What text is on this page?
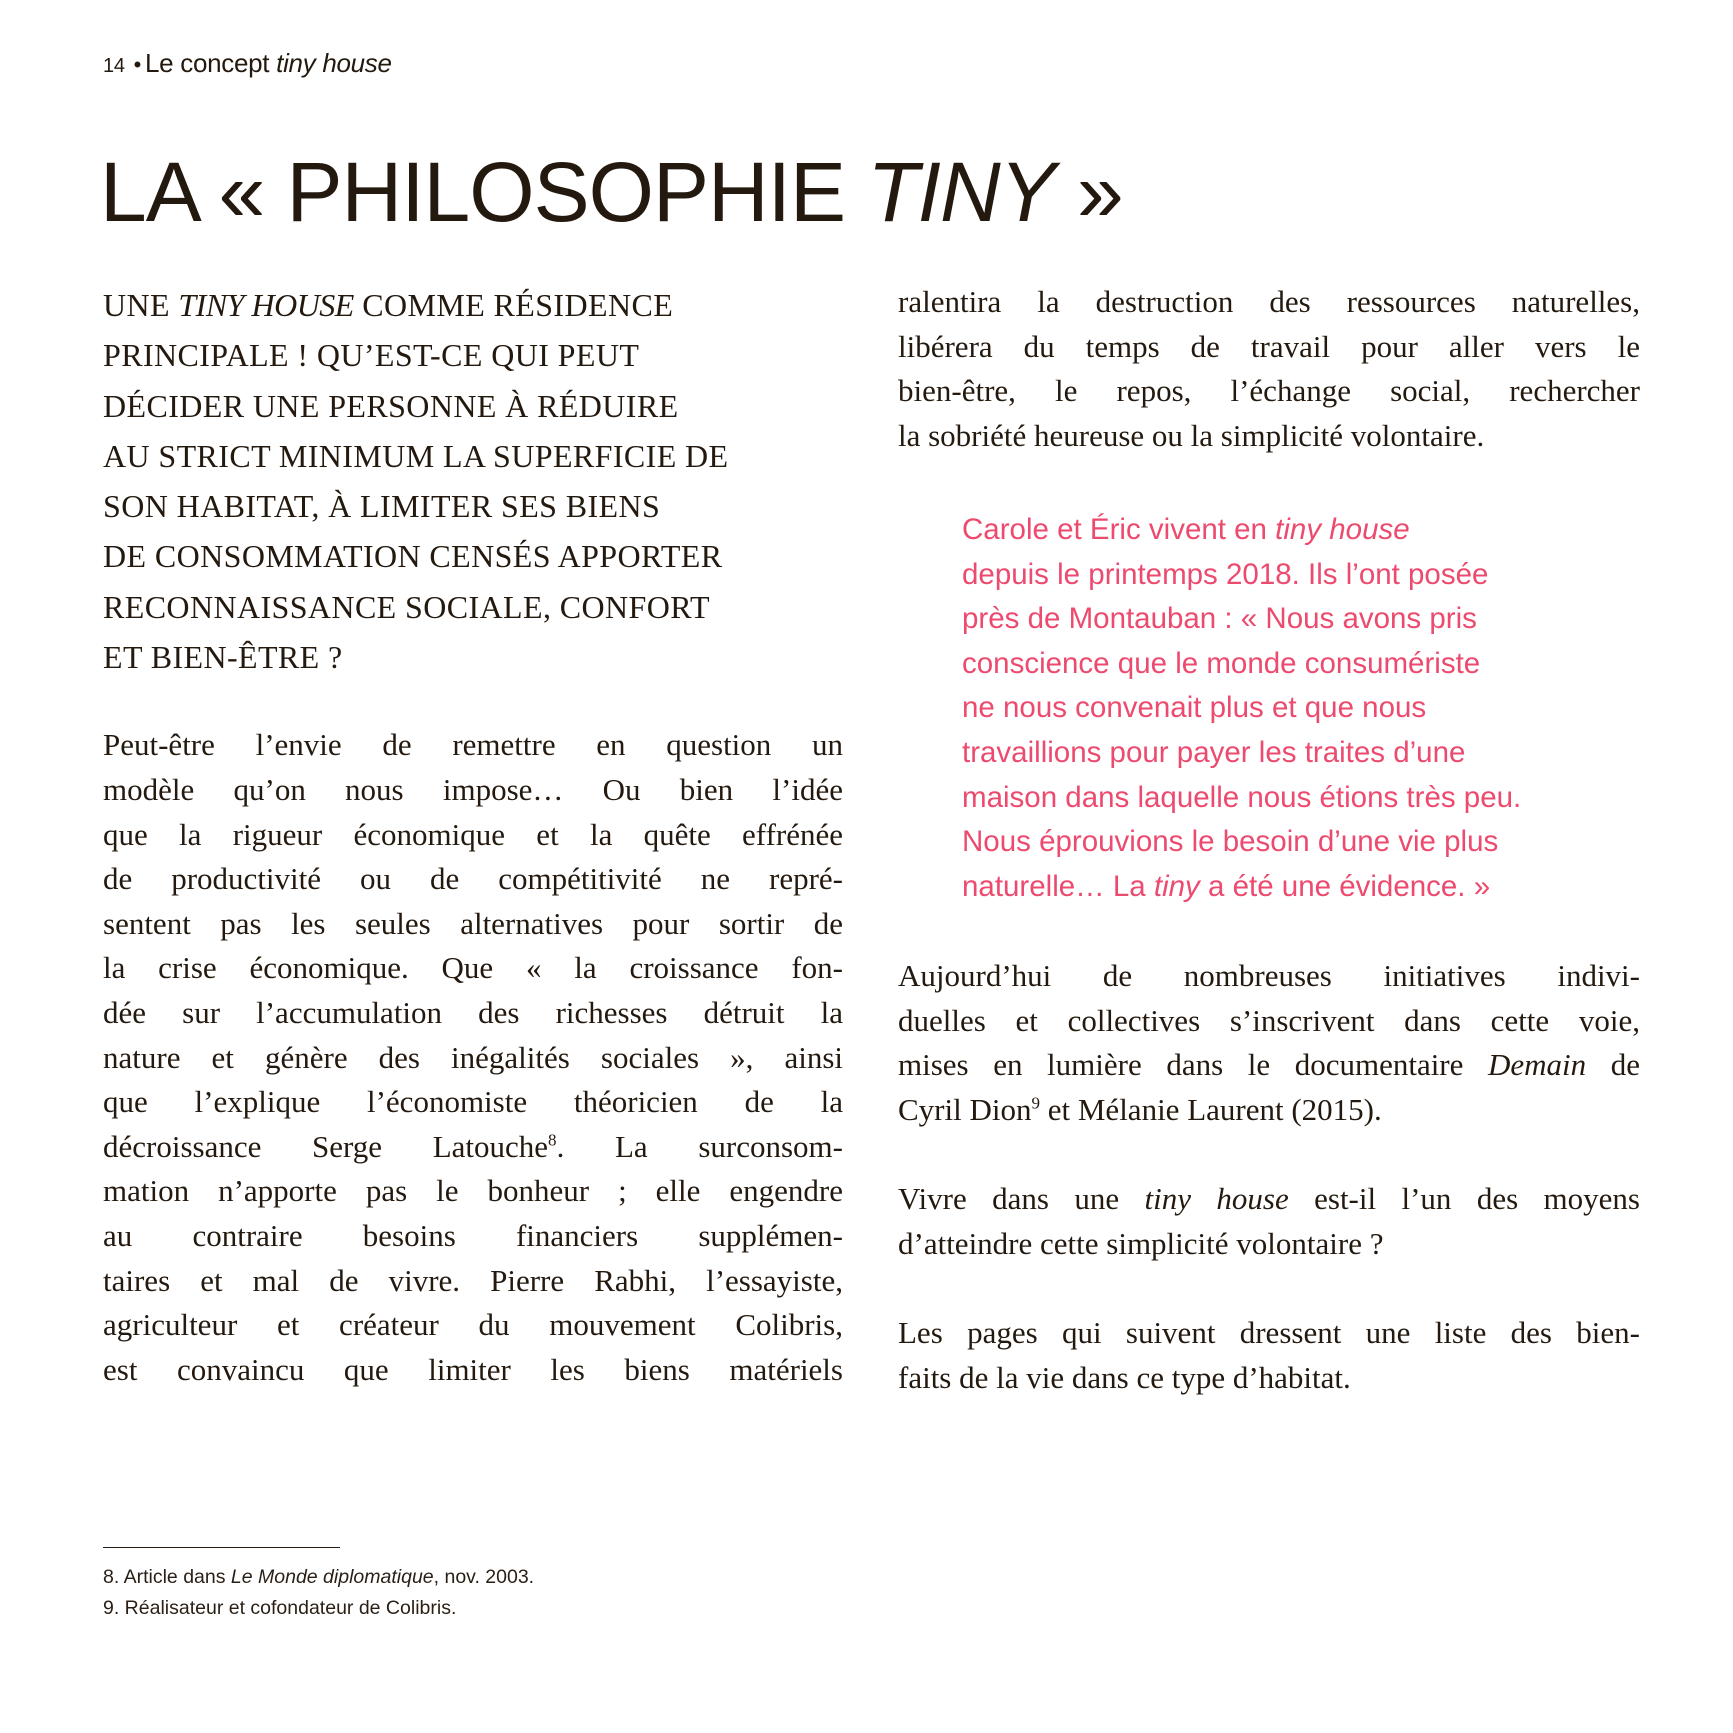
14 • Le concept tiny house
LA « PHILOSOPHIE TINY »

UNE TINY HOUSE COMME RÉSIDENCE
PRINCIPALE ! QU’EST-CE QUI PEUT
DÉCIDER UNE PERSONNE À RÉDUIRE
AU STRICT MINIMUM LA SUPERFICIE DE
SON HABITAT, À LIMITER SES BIENS
DE CONSOMMATION CENSÉS APPORTER
RECONNAISSANCE SOCIALE, CONFORT
ET BIEN-ÊTRE ?

Peut-être l’envie de remettre en question un
modèle qu’on nous impose… Ou bien l’idée
que la rigueur économique et la quête effrénée
de productivité ou de compétitivité ne repré-
sentent pas les seules alternatives pour sortir de
la crise économique. Que « la croissance fon-
dée sur l’accumulation des richesses détruit la
nature et génère des inégalités sociales », ainsi
que l’explique l’économiste théoricien de la
décroissance Serge Latouche$^8$. La surconsom-
mation n’apporte pas le bonheur ; elle engendre
au contraire besoins financiers supplémen-
taires et mal de vivre. Pierre Rabhi, l’essayiste,
agriculteur et créateur du mouvement Colibris,
est convaincu que limiter les biens matériels
ralentira la destruction des ressources naturelles,
libérera du temps de travail pour aller vers le
bien-être, le repos, l’échange social, rechercher
la sobriété heureuse ou la simplicité volontaire.
Carole et Éric vivent en tiny house
depuis le printemps 2018. Ils l’ont posée
près de Montauban : « Nous avons pris
conscience que le monde consumériste
ne nous convenait plus et que nous
travaillions pour payer les traites d’une
maison dans laquelle nous étions très peu.
Nous éprouvions le besoin d’une vie plus
naturelle… La tiny a été une évidence. »
Aujourd’hui de nombreuses initiatives indivi-
duelles et collectives s’inscrivent dans cette voie,
mises en lumière dans le documentaire Demain de
Cyril Dion$^9$ et Mélanie Laurent (2015).
Vivre dans une tiny house est-il l’un des moyens
d’atteindre cette simplicité volontaire ?
Les pages qui suivent dressent une liste des bien-
faits de la vie dans ce type d’habitat.
8. Article dans Le Monde diplomatique, nov. 2003.
9. Réalisateur et cofondateur de Colibris.
